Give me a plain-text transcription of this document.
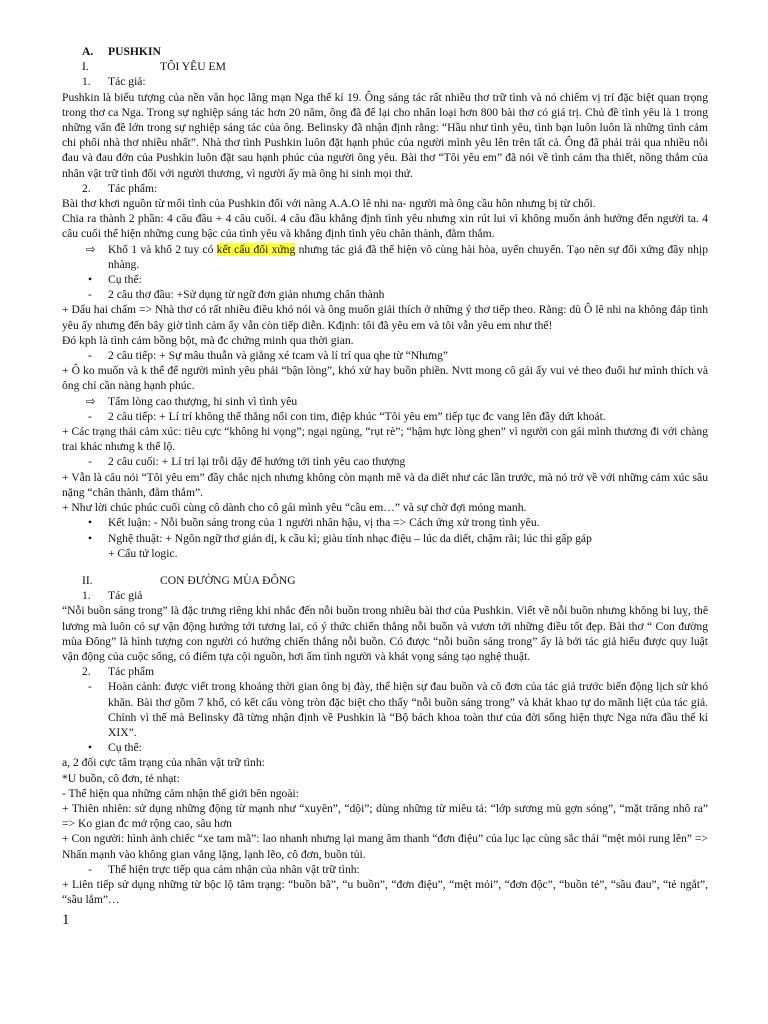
A.	PUSHKIN
I.	TÔI YÊU EM
1.	Tác giả:

Pushkin là biểu tượng của nền văn học lãng mạn Nga thế kỉ 19. Ông sáng tác rất nhiều thơ trữ tình và nó chiếm vị trí đặc biệt quan trọng trong thơ ca Nga. Trong sự nghiệp sáng tác hơn 20 năm, ông đã để lại cho nhân loại hơn 800 bài thơ có giá trị. Chủ đề tình yêu là 1 trong những vấn đề lớn trong sự nghiệp sáng tác của ông. Belinsky đã nhận định rằng: “Hầu như tình yêu, tình bạn luôn luôn là những tình cảm chi phối nhà thơ nhiều nhất”. Nhà thơ tình Pushkin luôn đặt hạnh phúc của người mình yêu lên trên tất cả. Ông đã phải trải qua nhiều nỗi đau và đau đớn của Pushkin luôn đặt sau hạnh phúc của người ông yêu. Bài thơ “Tôi yêu em” đã nói về tình cảm tha thiết, nồng thắm của nhân vật trữ tình đối với người thương, vì người ấy mà ông hi sinh mọi thứ.

2.	Tác phẩm:

Bài thơ khơi nguồn từ mối tình của Pushkin đối với nàng A.A.O lê nhi na- người mà ông cầu hôn nhưng bị từ chối.

Chia ra thành 2 phần: 4 câu đầu + 4 câu cuối. 4 câu đầu khẳng định tình yêu nhưng xin rút lui vì không muốn ảnh hưởng đến người ta. 4 câu cuối thể hiện những cung bậc của tình yêu và khẳng định tình yêu chân thành, đằm thắm.

⇨ Khổ 1 và khổ 2 tuy có kết cấu đối xứng nhưng tác giả đã thể hiện vô cùng hài hòa, uyển chuyển. Tạo nên sự đối xứng đầy nhịp nhàng.
• Cụ thể:
- 2 câu thơ đầu: +Sử dụng từ ngữ đơn giản nhưng chân thành

+ Dấu hai chấm => Nhà thơ có rất nhiều điều khó nói và ông muốn giải thích ở những ý thơ tiếp theo. Rằng: dù Ô lê nhi na không đáp tình yêu ấy nhưng đến bây giờ tình cảm ấy vẫn còn tiếp diễn. Kđịnh: tôi đã yêu em và tôi vẫn yêu em như thế!

Đó kph là tình cảm bồng bột, mà đc chứng minh qua thời gian.

- 2 câu tiếp: + Sự mâu thuẫn và giằng xé tcam và lí trí qua qhe từ “Nhưng”

+ Ô ko muốn và k thể để người mình yêu phải “bận lòng”, khó xử hay buồn phiền. Nvtt mong cô gái ấy vui vẻ theo đuổi hư mình thích và ông chỉ cần nàng hạnh phúc.

⇨ Tấm lòng cao thượng, hi sinh vì tình yêu
- 2 câu tiếp: + Lí trí không thể thắng nổi con tim, điệp khúc “Tôi yêu em” tiếp tục đc vang lên đầy dứt khoát.

+ Các trạng thái cảm xúc: tiêu cực “không hi vọng”; ngại ngùng, “rụt rè”; “hậm hực lòng ghen” vì người con gái mình thương đi với chàng trai khác nhưng k thể lộ.

- 2 câu cuối: + Lí trí lại trỗi dậy để hướng tới tình yêu cao thượng

+ Vẫn là câu nói “Tôi yêu em” đầy chắc nịch nhưng không còn mạnh mẽ và da diết như các lần trước, mà nó trở về với những cảm xúc sâu nặng “chân thành, đằm thắm”.

+ Như lời chúc phúc cuối cùng cô dành cho cô gái mình yêu “cầu em…” và sự chờ đợi mỏng manh.

• Kết luận: - Nỗi buồn sáng trong của 1 người nhân hậu, vị tha => Cách ứng xử trong tình yêu.
• Nghệ thuật: + Ngôn ngữ thơ giản dị, k cầu kì; giàu tính nhạc điệu – lúc da diết, chậm rãi; lúc thì gấp gáp

+ Cấu tứ logic.

II.	CON ĐƯỜNG MÙA ĐÔNG
1.	Tác giả

“Nỗi buồn sáng trong” là đặc trưng riêng khi nhắc đến nỗi buồn trong nhiều bài thơ của Pushkin. Viết về nỗi buồn nhưng không bi luỵ, thê lương mà luôn có sự vận động hướng tới tương lai, có ý thức chiến thắng nỗi buồn và vươn tới những điều tốt đẹp. Bài thơ “ Con đường mùa Đông” là hình tượng con người có hướng chiến thắng nỗi buồn. Có được “nỗi buồn sáng trong” ấy là bởi tác giả hiểu được quy luật vận động của cuộc sống, có điểm tựa cội nguồn, hơi ấm tình người và khát vọng sáng tạo nghệ thuật.

2.	Tác phẩm
- Hoàn cảnh: được viết trong khoảng thời gian ông bị đày, thể hiện sự đau buồn và cô đơn của tác giả trước biến động lịch sử khó khăn. Bài thơ gồm 7 khổ, có kết cấu vòng tròn đặc biệt cho thấy “nỗi buồn sáng trong” và khát khao tự do mãnh liệt của tác giả. Chính vì thế mà Belinsky đã từng nhận định về Pushkin là “Bộ bách khoa toàn thư của đời sống hiện thực Nga nửa đầu thế kỉ XIX”.
• Cụ thể:

a, 2 đối cực tâm trạng của nhân vật trữ tình:

*U buồn, cô đơn, tẻ nhạt:

- Thể hiện qua những cảm nhận thế giới bên ngoài:

+ Thiên nhiên: sử dụng những động từ mạnh như “xuyên”, “dội”; dùng những từ miêu tả: “lớp sương mù gợn sóng”, “mặt trăng nhô ra” => Ko gian đc mở rộng cao, sâu hơn

+ Con người: hình ảnh chiếc “xe tam mã”: lao nhanh nhưng lại mang âm thanh “đơn điệu” của lục lạc cùng sắc thái “mệt mỏi rung lên” => Nhấn mạnh vào không gian vắng lặng, lạnh lẽo, cô đơn, buồn tủi.

- Thể hiện trực tiếp qua cảm nhận của nhân vật trữ tình:

+ Liên tiếp sử dụng những từ bộc lộ tâm trạng: “buồn bã”, “u buồn”, “đơn điệu”, “mệt mỏi”, “đơn độc”, “buồn tẻ”, “sầu đau”, “tẻ ngắt”, “sầu lắm”…

1
